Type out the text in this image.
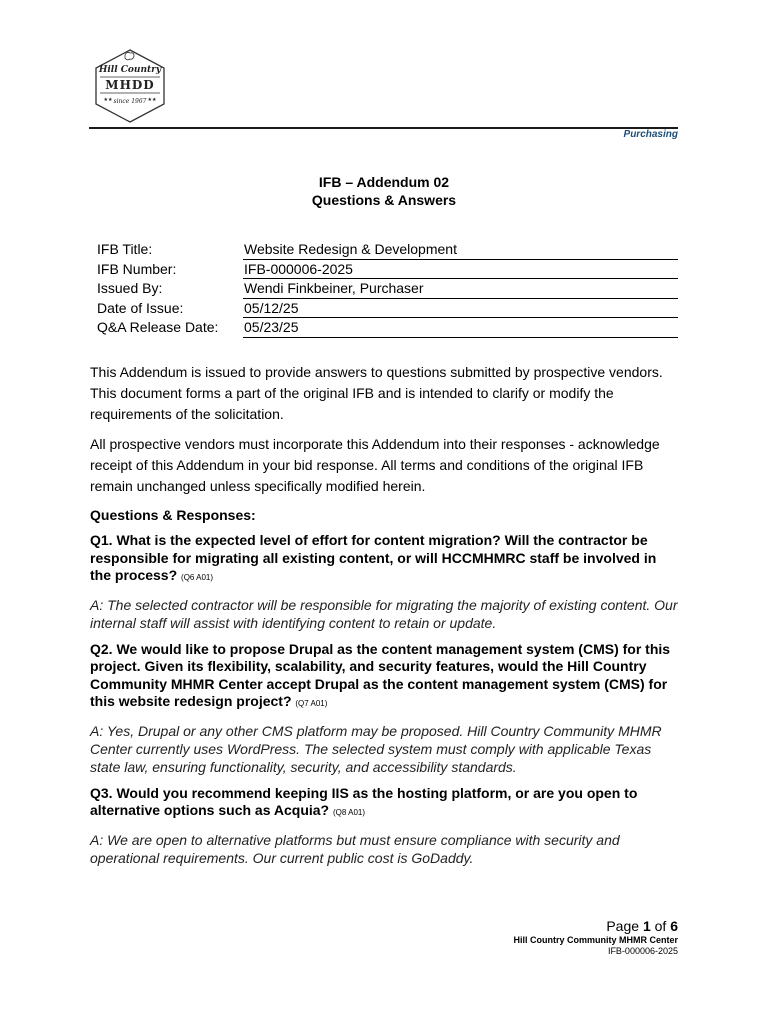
Hill Country
MHDD
★★	★★
since 1967
Purchasing
IFB – Addendum 02
Questions & Answers
IFB Title:	Website Redesign & Development
IFB Number:	IFB-000006-2025
Issued By:	Wendi Finkbeiner, Purchaser
Date of Issue:	05/12/25
Q&A Release Date:	05/23/25

This Addendum is issued to provide answers to questions submitted by prospective vendors. This document forms a part of the original IFB and is intended to clarify or modify the requirements of the solicitation.

All prospective vendors must incorporate this Addendum into their responses - acknowledge receipt of this Addendum in your bid response. All terms and conditions of the original IFB remain unchanged unless specifically modified herein.

Questions & Responses:

Q1. What is the expected level of effort for content migration? Will the contractor be responsible for migrating all existing content, or will HCCMHMRC staff be involved in the process? (Q6 A01)

A: The selected contractor will be responsible for migrating the majority of existing content. Our internal staff will assist with identifying content to retain or update.

Q2. We would like to propose Drupal as the content management system (CMS) for this project. Given its flexibility, scalability, and security features, would the Hill Country Community MHMR Center accept Drupal as the content management system (CMS) for this website redesign project? (Q7 A01)

A: Yes, Drupal or any other CMS platform may be proposed. Hill Country Community MHMR Center currently uses WordPress. The selected system must comply with applicable Texas state law, ensuring functionality, security, and accessibility standards.

Q3. Would you recommend keeping IIS as the hosting platform, or are you open to alternative options such as Acquia? (Q8 A01)

A: We are open to alternative platforms but must ensure compliance with security and operational requirements. Our current public cost is GoDaddy.

Page 1 of 6
Hill Country Community MHMR Center
IFB-000006-2025
